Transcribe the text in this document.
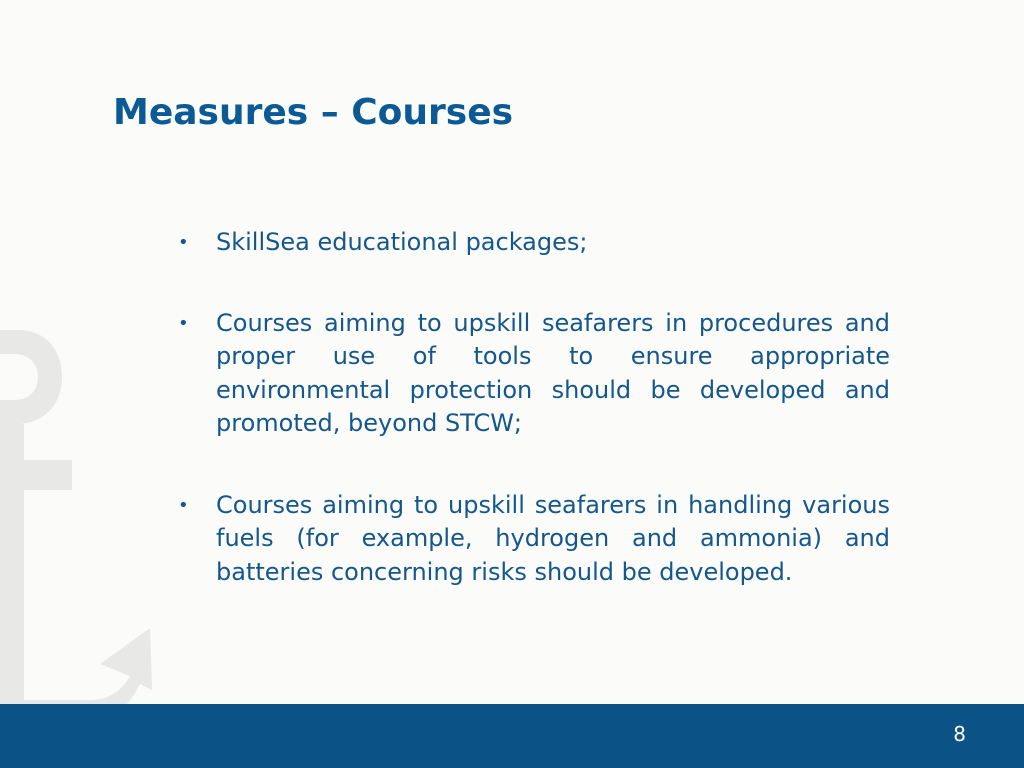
Measures – Courses
• SkillSea educational packages;
• Courses aiming to upskill seafarers in procedures and proper use of tools to ensure appropriate environmental protection should be developed and promoted, beyond STCW;
• Courses aiming to upskill seafarers in handling various fuels (for example, hydrogen and ammonia) and batteries concerning risks should be developed.
8
